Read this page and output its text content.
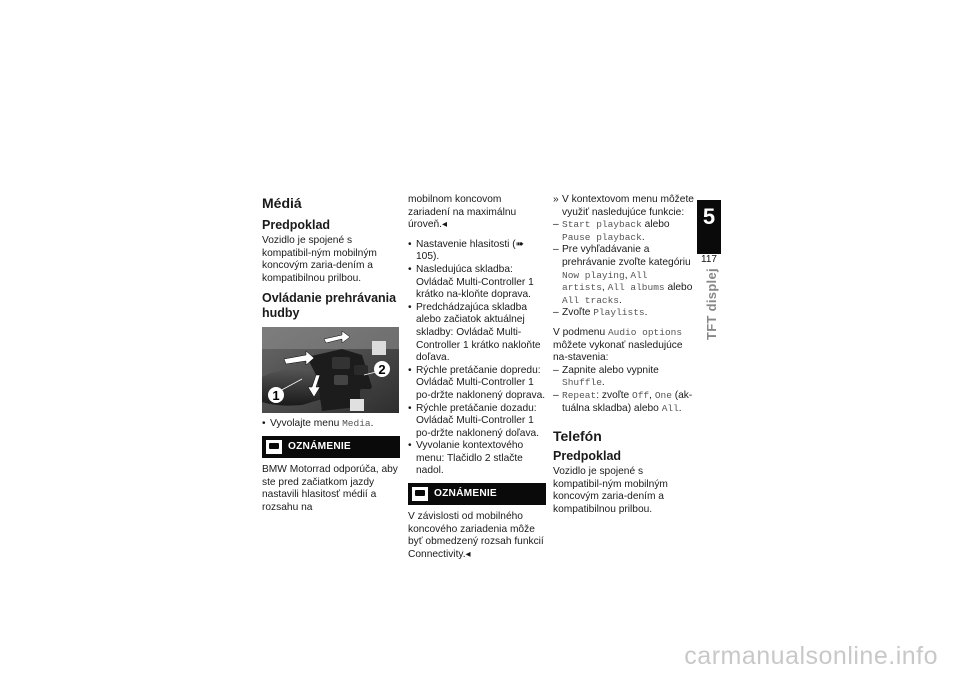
Médiá
Predpoklad

Vozidlo je spojené s kompatibil-ným mobilným koncovým zaria-dením a kompatibilnou prilbou.

Ovládanie prehrávania hudby
1
2
• Vyvolajte menu Media.
OZNÁMENIE

BMW Motorrad odporúča, aby ste pred začiatkom jazdy nastavili hlasitosť médií a rozsahu na

mobilnom koncovom zariadení na maximálnu úroveň.◂

• Nastavenie hlasitosti (➠ 105).
• Nasledujúca skladba: Ovládač Multi-Controller 1 krátko na-kloňte doprava.
• Predchádzajúca skladba alebo začiatok aktuálnej skladby: Ovládač Multi-Controller 1 krátko nakloňte doľava.
• Rýchle pretáčanie dopredu: Ovládač Multi-Controller 1 po-držte naklonený doprava.
• Rýchle pretáčanie dozadu: Ovládač Multi-Controller 1 po-držte naklonený doľava.
• Vyvolanie kontextového menu: Tlačidlo 2 stlačte nadol.
OZNÁMENIE

V závislosti od mobilného koncového zariadenia môže byť obmedzený rozsah funkcií Connectivity.◂

» V kontextovom menu môžete využiť nasledujúce funkcie:

– Start playback alebo Pause playback.
– Pre vyhľadávanie a prehrávanie zvoľte kategóriu Now playing, All artists, All albums alebo All tracks.
– Zvoľte Playlists.

V podmenu Audio options môžete vykonať nasledujúce na-stavenia:

– Zapnite alebo vypnite Shuffle.
– Repeat: zvoľte Off, One (ak-tuálna skladba) alebo All.
Telefón
Predpoklad

Vozidlo je spojené s kompatibil-ným mobilným koncovým zaria-dením a kompatibilnou prilbou.

5
117
TFT displej
carmanualsonline.info
